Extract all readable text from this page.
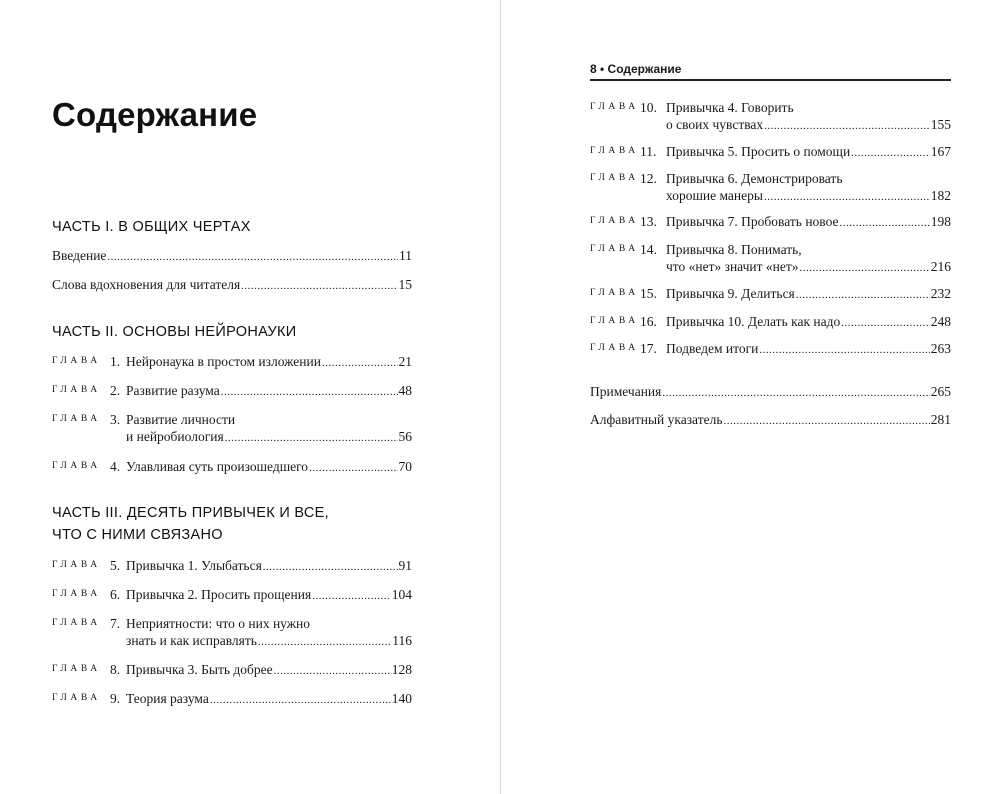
Содержание
ЧАСТЬ I. В ОБЩИХ ЧЕРТАХ
Введение .....	11
Слова вдохновения для читателя .....	15
ЧАСТЬ II. ОСНОВЫ НЕЙРОНАУКИ
ГЛАВА 1. Нейронаука в простом изложении .....	21
ГЛАВА 2. Развитие разума .....	48
ГЛАВА 3. Развитие личности
и нейробиология .....	56
ГЛАВА 4. Улавливая суть произошедшего .....	70
ЧАСТЬ III. ДЕСЯТЬ ПРИВЫЧЕК И ВСЕ,
ЧТО С НИМИ СВЯЗАНО
ГЛАВА 5. Привычка 1. Улыбаться .....	91
ГЛАВА 6. Привычка 2. Просить прощения .....	104
ГЛАВА 7. Неприятности: что о них нужно
знать и как исправлять .....	116
ГЛАВА 8. Привычка 3. Быть добрее .....	128
ГЛАВА 9. Теория разума .....	140
8 • Содержание
ГЛАВА 10. Привычка 4. Говорить
о своих чувствах .....	155
ГЛАВА 11. Привычка 5. Просить о помощи .....	167
ГЛАВА 12. Привычка 6. Демонстрировать
хорошие манеры .....	182
ГЛАВА 13. Привычка 7. Пробовать новое .....	198
ГЛАВА 14. Привычка 8. Понимать,
что «нет» значит «нет» .....	216
ГЛАВА 15. Привычка 9. Делиться .....	232
ГЛАВА 16. Привычка 10. Делать как надо .....	248
ГЛАВА 17. Подведем итоги .....	263
Примечания .....	265
Алфавитный указатель .....	281
